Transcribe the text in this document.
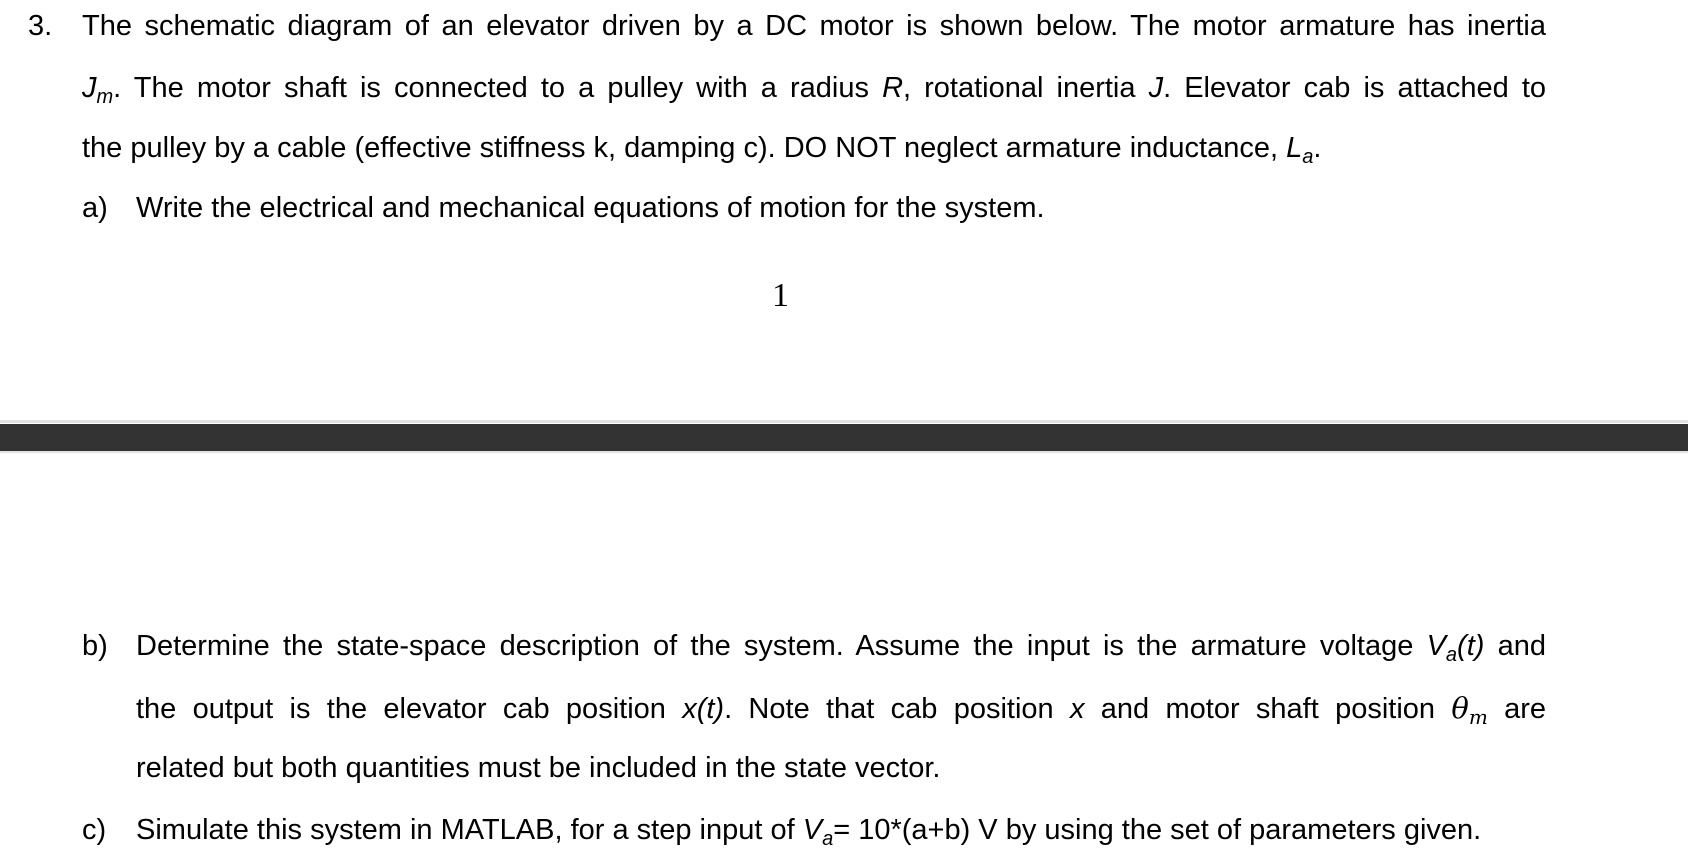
3. The schematic diagram of an elevator driven by a DC motor is shown below. The motor armature has inertia
$J_m$. The motor shaft is connected to a pulley with a radius R, rotational inertia J. Elevator cab is attached to
the pulley by a cable (effective stiffness k, damping c). DO NOT neglect armature inductance, $L_a$.
a) Write the electrical and mechanical equations of motion for the system.
1
b) Determine the state-space description of the system. Assume the input is the armature voltage $V_a(t)$ and
the output is the elevator cab position x(t). Note that cab position x and motor shaft position $\theta_m$ are
related but both quantities must be included in the state vector.
c) Simulate this system in MATLAB, for a step input of $V_a= 10*(a+b)$ V by using the set of parameters given.
